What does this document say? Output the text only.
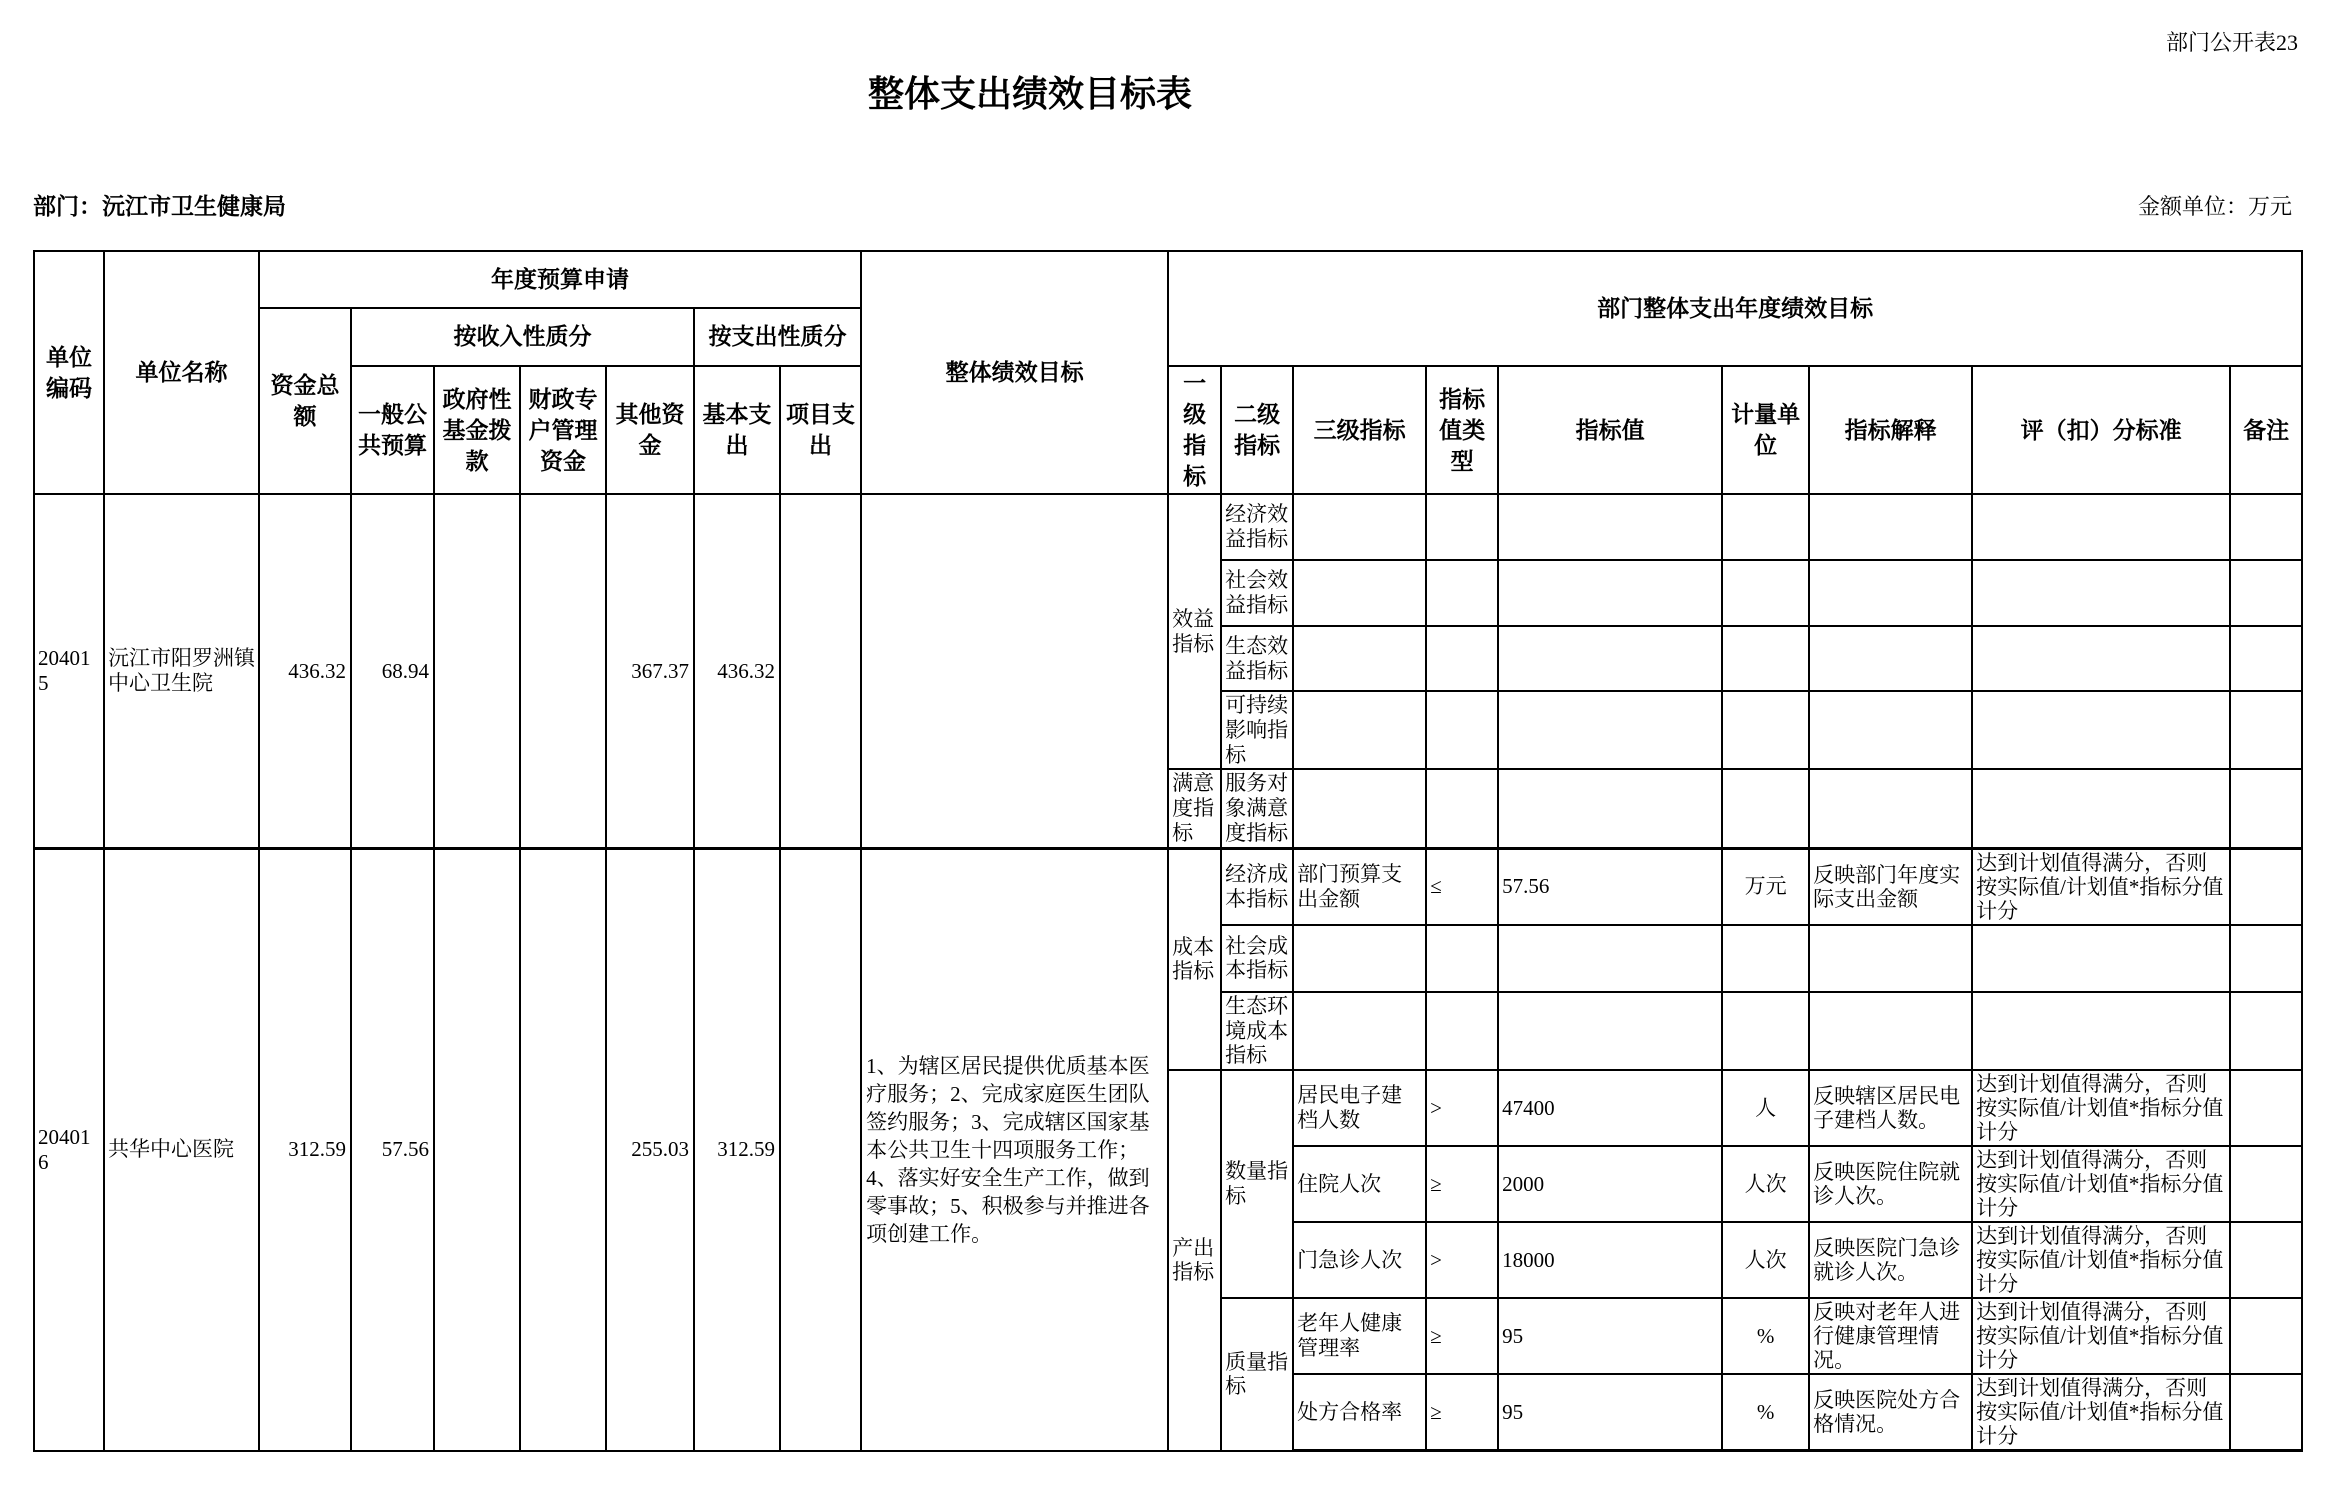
部门公开表23
整体支出绩效目标表
部门：沅江市卫生健康局	金额单位：万元
单位编码	单位名称	年度预算申请							整体绩效目标	部门整体支出年度绩效目标								
		资金总额	按收入性质分				按支出性质分											
			一般公共预算	政府性基金拨款	财政专户管理资金	其他资金	基本支出	项目支出		一级指标	二级指标	三级指标	指标值类型	指标值	计量单位	指标解释	评（扣）分标准	备注
204015	沅江市阳罗洲镇中心卫生院	436.32	68.94			367.37	436.32			效益指标	经济效益指标							
											社会效益指标							
											生态效益指标							
											可持续影响指标							
										满意度指标	服务对象满意度指标							
204016	共华中心医院	312.59	57.56			255.03	312.59		1、为辖区居民提供优质基本医疗服务；2、完成家庭医生团队签约服务；3、完成辖区国家基本公共卫生十四项服务工作；4、落实好安全生产工作，做到零事故；5、积极参与并推进各项创建工作。	成本指标	经济成本指标	部门预算支出金额	≤	57.56	万元	反映部门年度实际支出金额	达到计划值得满分，否则按实际值/计划值*指标分值计分	
											社会成本指标							
											生态环境成本指标							
										产出指标	数量指标	居民电子建档人数	>	47400	人	反映辖区居民电子建档人数。	达到计划值得满分，否则按实际值/计划值*指标分值计分	
												住院人次	≥	2000	人次	反映医院住院就诊人次。	达到计划值得满分，否则按实际值/计划值*指标分值计分	
												门急诊人次	>	18000	人次	反映医院门急诊就诊人次。	达到计划值得满分，否则按实际值/计划值*指标分值计分	
											质量指标	老年人健康管理率	≥	95	%	反映对老年人进行健康管理情况。	达到计划值得满分，否则按实际值/计划值*指标分值计分	
												处方合格率	≥	95	%	反映医院处方合格情况。	达到计划值得满分，否则按实际值/计划值*指标分值计分	
